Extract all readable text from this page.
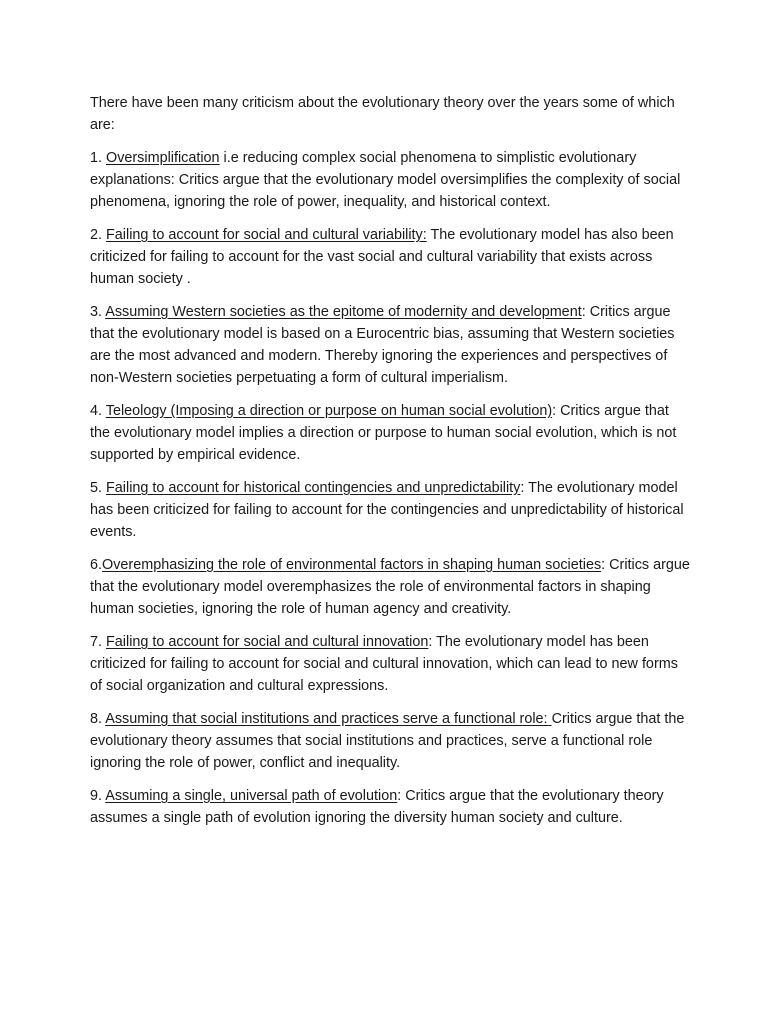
There have been many criticism about the evolutionary theory over the years some of which are:

1. Oversimplification i.e reducing complex social phenomena to simplistic evolutionary explanations: Critics argue that the evolutionary model oversimplifies the complexity of social phenomena, ignoring the role of power, inequality, and historical context.

2. Failing to account for social and cultural variability: The evolutionary model has also been criticized for failing to account for the vast social and cultural variability that exists across human society .

3. Assuming Western societies as the epitome of modernity and development: Critics argue that the evolutionary model is based on a Eurocentric bias, assuming that Western societies are the most advanced and modern. Thereby ignoring the experiences and perspectives of non-Western societies perpetuating a form of cultural imperialism.

4. Teleology (Imposing a direction or purpose on human social evolution): Critics argue that the evolutionary model implies a direction or purpose to human social evolution, which is not supported by empirical evidence.

5. Failing to account for historical contingencies and unpredictability: The evolutionary model has been criticized for failing to account for the contingencies and unpredictability of historical events.

6.Overemphasizing the role of environmental factors in shaping human societies: Critics argue that the evolutionary model overemphasizes the role of environmental factors in shaping human societies, ignoring the role of human agency and creativity.

7. Failing to account for social and cultural innovation: The evolutionary model has been criticized for failing to account for social and cultural innovation, which can lead to new forms of social organization and cultural expressions.

8. Assuming that social institutions and practices serve a functional role: Critics argue that the evolutionary theory assumes that social institutions and practices, serve a functional role ignoring the role of power, conflict and inequality.

9. Assuming a single, universal path of evolution: Critics argue that the evolutionary theory assumes a single path of evolution ignoring the diversity human society and culture.
